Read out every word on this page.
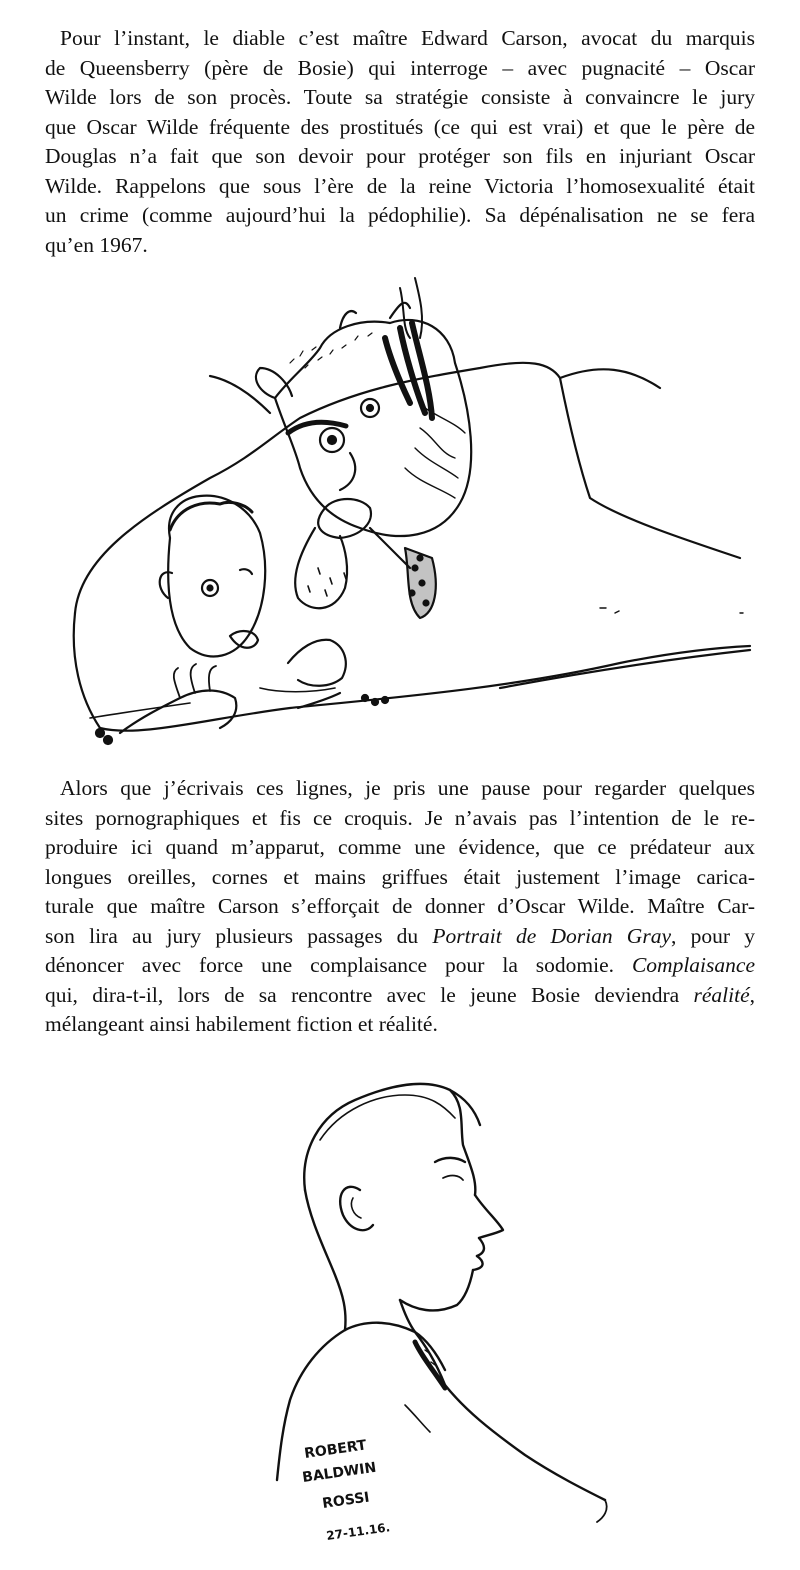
Pour l’instant, le diable c’est maître Edward Carson, avocat du marquis
de Queensberry (père de Bosie) qui interroge – avec pugnacité – Oscar
Wilde lors de son procès. Toute sa stratégie consiste à convaincre le jury
que Oscar Wilde fréquente des prostitués (ce qui est vrai) et que le père de
Douglas n’a fait que son devoir pour protéger son fils en injuriant Oscar
Wilde. Rappelons que sous l’ère de la reine Victoria l’homosexualité était
un crime (comme aujourd’hui la pédophilie). Sa dépénalisation ne se fera
qu’en 1967.
Alors que j’écrivais ces lignes, je pris une pause pour regarder quelques
sites pornographiques et fis ce croquis. Je n’avais pas l’intention de le re-
produire ici quand m’apparut, comme une évidence, que ce prédateur aux
longues oreilles, cornes et mains griffues était justement l’image carica-
turale que maître Carson s’efforçait de donner d’Oscar Wilde. Maître Car-
son lira au jury plusieurs passages du Portrait de Dorian Gray, pour y
dénoncer avec force une complaisance pour la sodomie. Complaisance
qui, dira-t-il, lors de sa rencontre avec le jeune Bosie deviendra réalité,
mélangeant ainsi habilement fiction et réalité.
ROBERT
BALDWIN
ROSSI
27-11.16.
